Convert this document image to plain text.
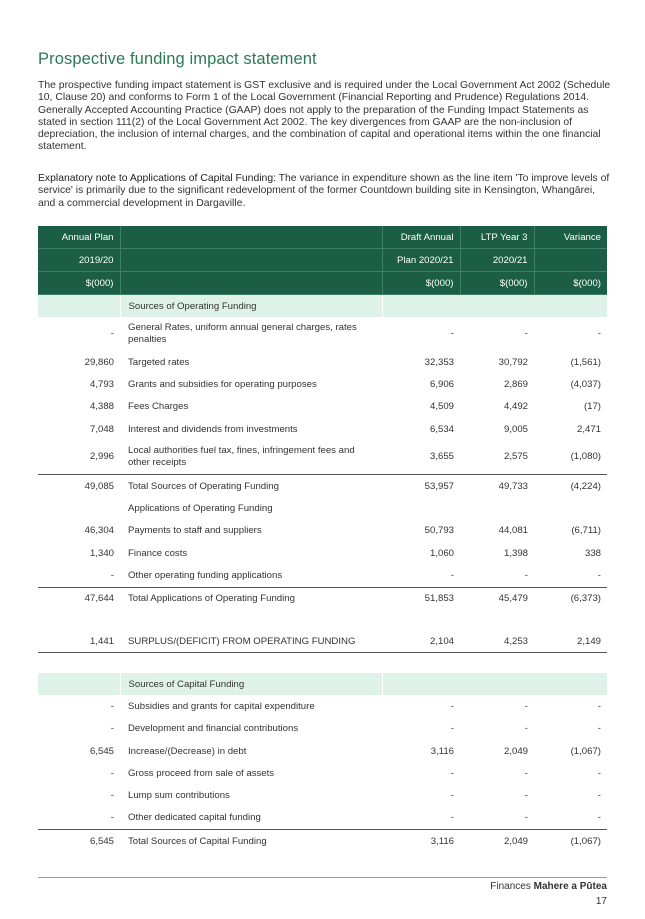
Prospective funding impact statement

The prospective funding impact statement is GST exclusive and is required under the Local Government Act 2002 (Schedule 10, Clause 20) and conforms to Form 1 of the Local Government (Financial Reporting and Prudence) Regulations 2014. Generally Accepted Accounting Practice (GAAP) does not apply to the preparation of the Funding Impact Statements as stated in section 111(2) of the Local Government Act 2002. The key divergences from GAAP are the non-inclusion of depreciation, the inclusion of internal charges, and the combination of capital and operational items within the one financial statement.

Explanatory note to Applications of Capital Funding: The variance in expenditure shown as the line item 'To improve levels of service' is primarily due to the significant redevelopment of the former Countdown building site in Kensington, Whangārei, and a commercial development in Dargaville.

Annual Plan		Draft Annual	LTP Year 3	Variance
2019/20		Plan 2020/21	2020/21	
$(000)		$(000)	$(000)	$(000)
	Sources of Operating Funding			
-	General Rates, uniform annual general charges, rates penalties	-	-	-
29,860	Targeted rates	32,353	30,792	(1,561)
4,793	Grants and subsidies for operating purposes	6,906	2,869	(4,037)
4,388	Fees Charges	4,509	4,492	(17)
7,048	Interest and dividends from investments	6,534	9,005	2,471
2,996	Local authorities fuel tax, fines, infringement fees and other receipts	3,655	2,575	(1,080)
49,085	Total Sources of Operating Funding	53,957	49,733	(4,224)
	Applications of Operating Funding			
46,304	Payments to staff and suppliers	50,793	44,081	(6,711)
1,340	Finance costs	1,060	1,398	338
-	Other operating funding applications	-	-	-
47,644	Total Applications of Operating Funding	51,853	45,479	(6,373)

1,441	SURPLUS/(DEFICIT) FROM OPERATING FUNDING	2,104	4,253	2,149

	Sources of Capital Funding			
-	Subsidies and grants for capital expenditure	-	-	-
-	Development and financial contributions	-	-	-
6,545	Increase/(Decrease) in debt	3,116	2,049	(1,067)
-	Gross proceed from sale of assets	-	-	-
-	Lump sum contributions	-	-	-
-	Other dedicated capital funding	-	-	-
6,545	Total Sources of Capital Funding	3,116	2,049	(1,067)
Finances Mahere a Pūtea
17
